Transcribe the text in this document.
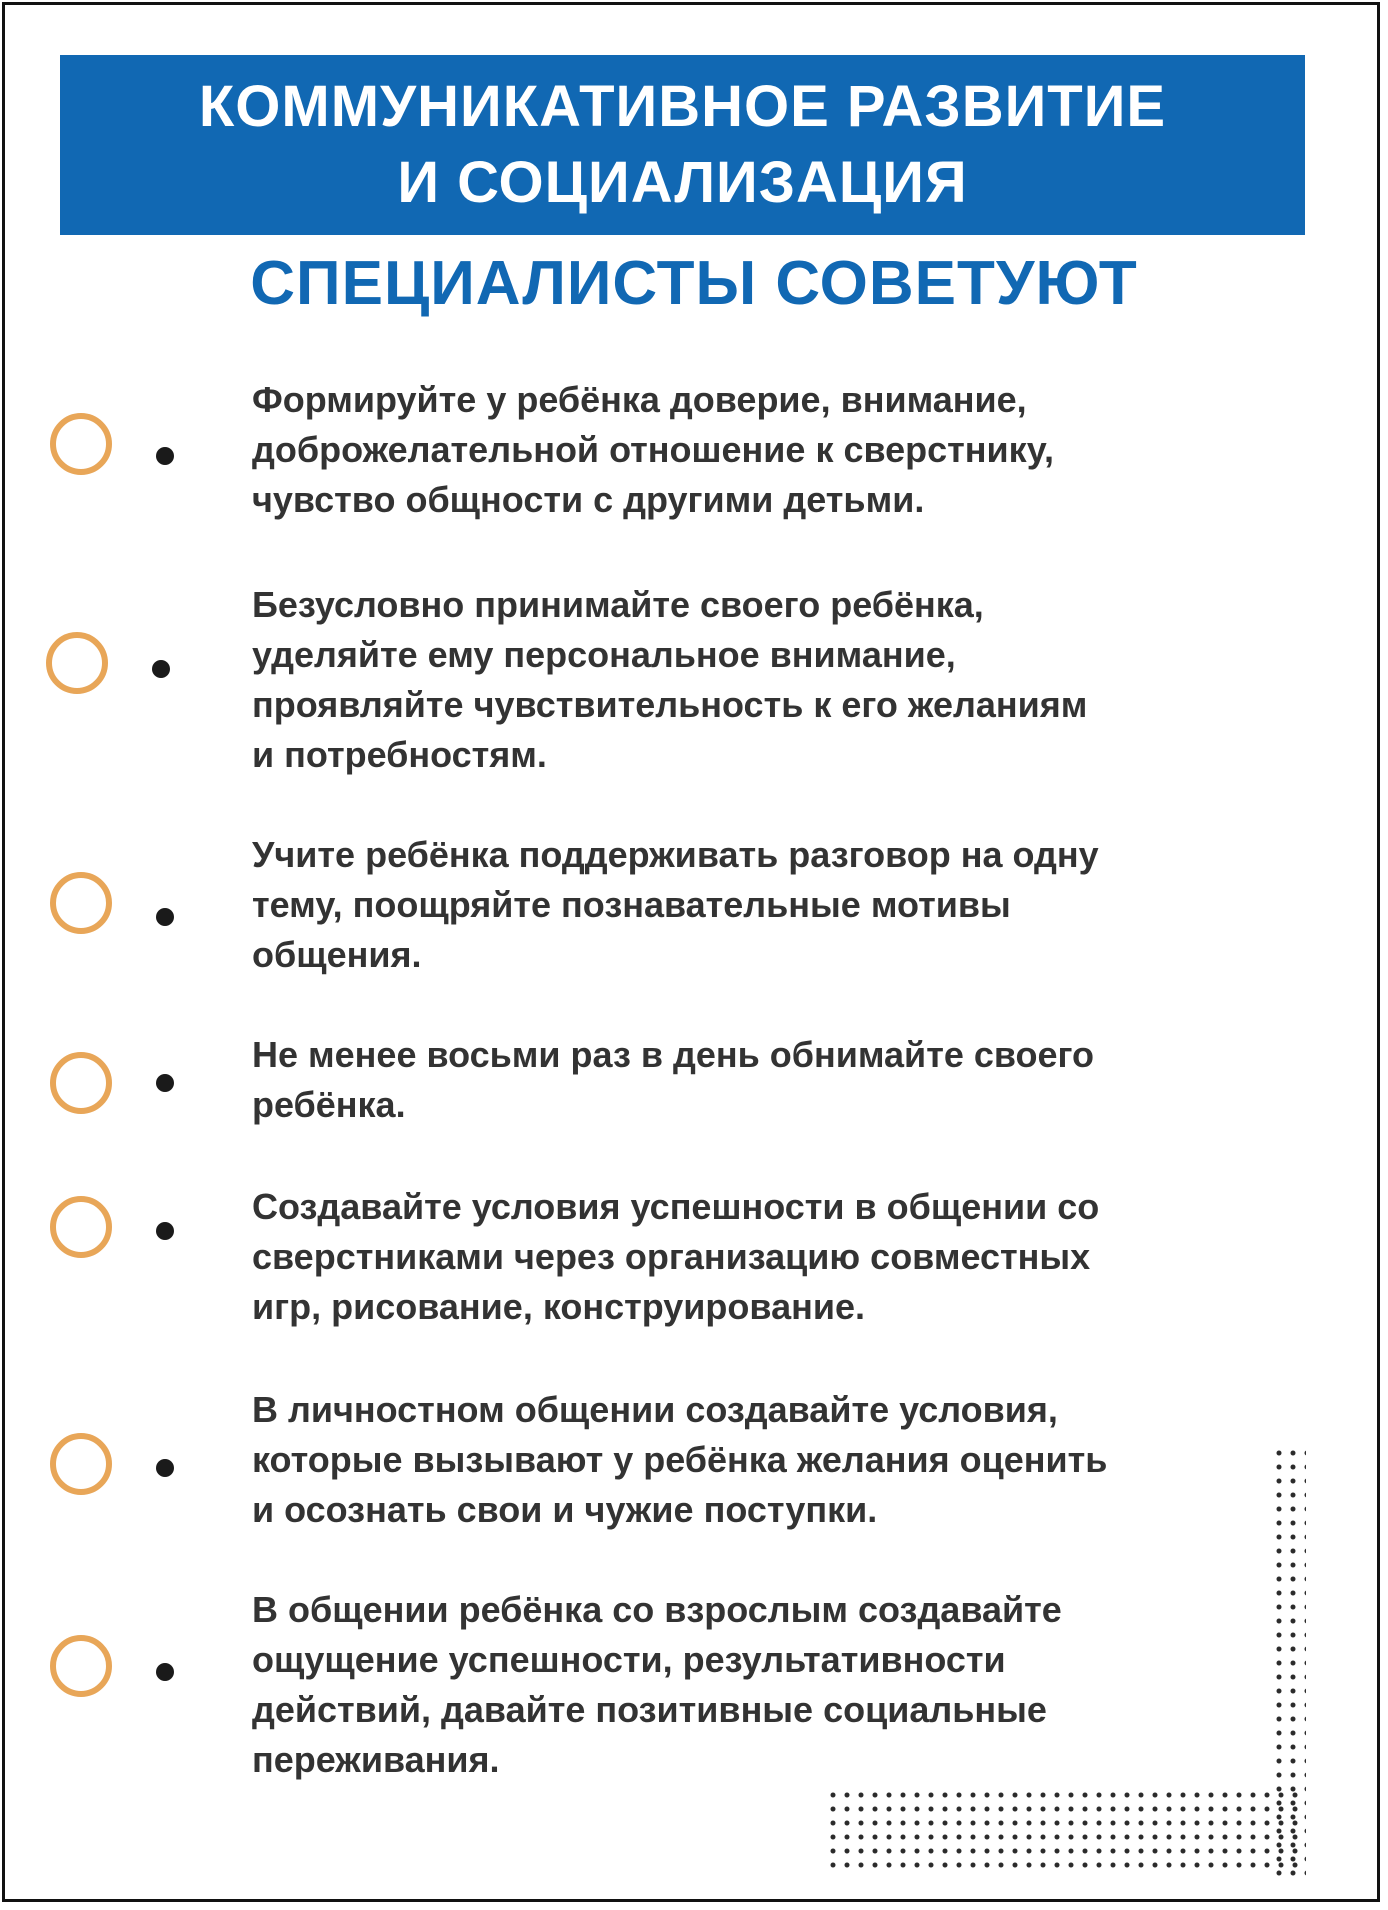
КОММУНИКАТИВНОЕ РАЗВИТИЕ
И СОЦИАЛИЗАЦИЯ
СПЕЦИАЛИСТЫ СОВЕТУЮТ
Формируйте у ребёнка доверие, внимание,
доброжелательной отношение к сверстнику,
чувство общности с другими детьми.
Безусловно принимайте своего ребёнка,
уделяйте ему персональное внимание,
проявляйте чувствительность к его желаниям
и потребностям.
Учите ребёнка поддерживать разговор на одну
тему, поощряйте познавательные мотивы
общения.
Не менее восьми раз в день обнимайте своего
ребёнка.
Создавайте условия успешности в общении со
сверстниками через организацию совместных
игр, рисование, конструирование.
В личностном общении создавайте условия,
которые вызывают у ребёнка желания оценить
и осознать свои и чужие поступки.
В общении ребёнка со взрослым создавайте
ощущение успешности, результативности
действий, давайте позитивные социальные
переживания.
